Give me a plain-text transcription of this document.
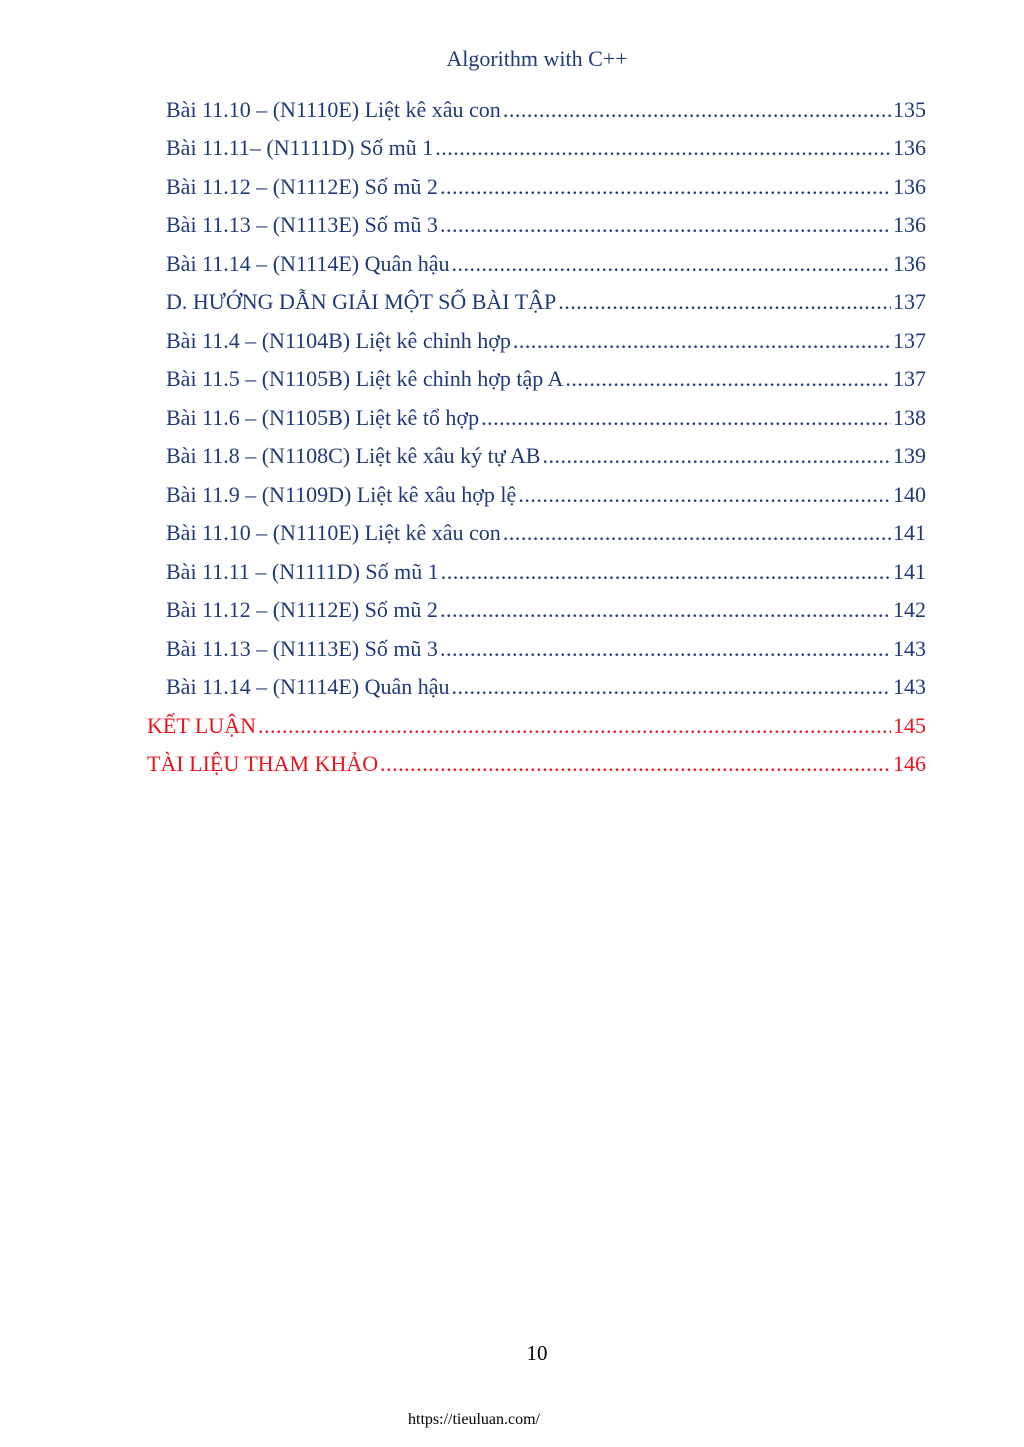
Algorithm with C++
Bài 11.10 – (N1110E) Liệt kê xâu con .....	135
Bài 11.11– (N1111D) Số mũ 1 .....	136
Bài 11.12 – (N1112E) Số mũ 2 .....	136
Bài 11.13 – (N1113E) Số mũ 3 .....	136
Bài 11.14 – (N1114E) Quân hậu .....	136
D. HƯỚNG DẪN GIẢI MỘT SỐ BÀI TẬP .....	137
Bài 11.4 – (N1104B) Liệt kê chỉnh hợp .....	137
Bài 11.5 – (N1105B) Liệt kê chỉnh hợp tập A .....	137
Bài 11.6 – (N1105B) Liệt kê tổ hợp .....	138
Bài 11.8 – (N1108C) Liệt kê xâu ký tự AB .....	139
Bài 11.9 – (N1109D) Liệt kê xâu hợp lệ .....	140
Bài 11.10 – (N1110E) Liệt kê xâu con .....	141
Bài 11.11 – (N1111D) Số mũ 1 .....	141
Bài 11.12 – (N1112E) Số mũ 2 .....	142
Bài 11.13 – (N1113E) Số mũ 3 .....	143
Bài 11.14 – (N1114E) Quân hậu .....	143
KẾT LUẬN .....	145
TÀI LIỆU THAM KHẢO .....	146
10
https://tieuluan.com/
